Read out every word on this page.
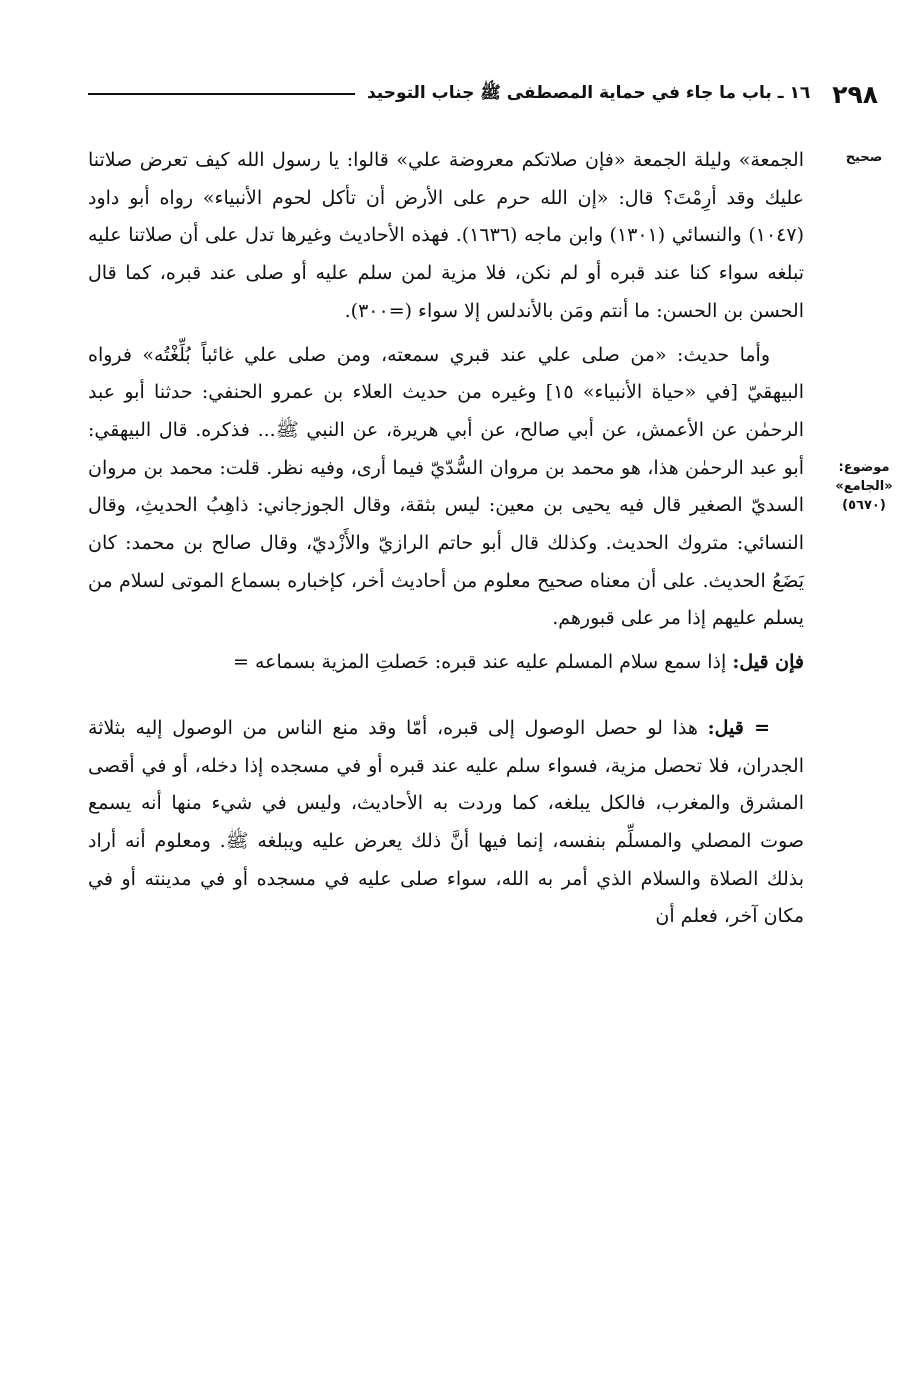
٢٩٨
١٦ ـ باب ما جاء في حماية المصطفى ﷺ جناب التوحيد
صحيح
موضوع:
«الجامع»
(٥٦٧٠)

الجمعة» وليلة الجمعة «فإن صلاتكم معروضة علي» قالوا: يا رسول الله كيف تعرض صلاتنا عليك وقد أرِمْتَ؟ قال: «إن الله حرم على الأرض أن تأكل لحوم الأنبياء» رواه أبو داود (١٠٤٧) والنسائي (١٣٠١) وابن ماجه (١٦٣٦). فهذه الأحاديث وغيرها تدل على أن صلاتنا عليه تبلغه سواء كنا عند قبره أو لم نكن، فلا مزية لمن سلم عليه أو صلى عند قبره، كما قال الحسن بن الحسن: ما أنتم ومَن بالأندلس إلا سواء (=٣٠٠).

وأما حديث: «من صلى علي عند قبري سمعته، ومن صلى علي غائباً بُلِّغْتُه» فرواه البيهقيّ [في «حياة الأنبياء» ١٥] وغيره من حديث العلاء بن عمرو الحنفي: حدثنا أبو عبد الرحمٰن عن الأعمش، عن أبي صالح، عن أبي هريرة، عن النبي ﷺ... فذكره. قال البيهقي: أبو عبد الرحمٰن هذا، هو محمد بن مروان السُّدّيّ فيما أرى، وفيه نظر. قلت: محمد بن مروان السديّ الصغير قال فيه يحيى بن معين: ليس بثقة، وقال الجوزجاني: ذاهِبُ الحديثِ، وقال النسائي: متروك الحديث. وكذلك قال أبو حاتم الرازيّ والأَزْديّ، وقال صالح بن محمد: كان يَضَعُ الحديث. على أن معناه صحيح معلوم من أحاديث أخر، كإخباره بسماع الموتى لسلام من يسلم عليهم إذا مر على قبورهم.

فإن قيل: إذا سمع سلام المسلم عليه عند قبره: حَصلتِ المزية بسماعه =

= قيل: هذا لو حصل الوصول إلى قبره، أمّا وقد منع الناس من الوصول إليه بثلاثة الجدران، فلا تحصل مزية، فسواء سلم عليه عند قبره أو في مسجده إذا دخله، أو في أقصى المشرق والمغرب، فالكل يبلغه، كما وردت به الأحاديث، وليس في شيء منها أنه يسمع صوت المصلي والمسلِّم بنفسه، إنما فيها أنَّ ذلك يعرض عليه ويبلغه ﷺ. ومعلوم أنه أراد بذلك الصلاة والسلام الذي أمر به الله، سواء صلى عليه في مسجده أو في مدينته أو في مكان آخر، فعلم أن
